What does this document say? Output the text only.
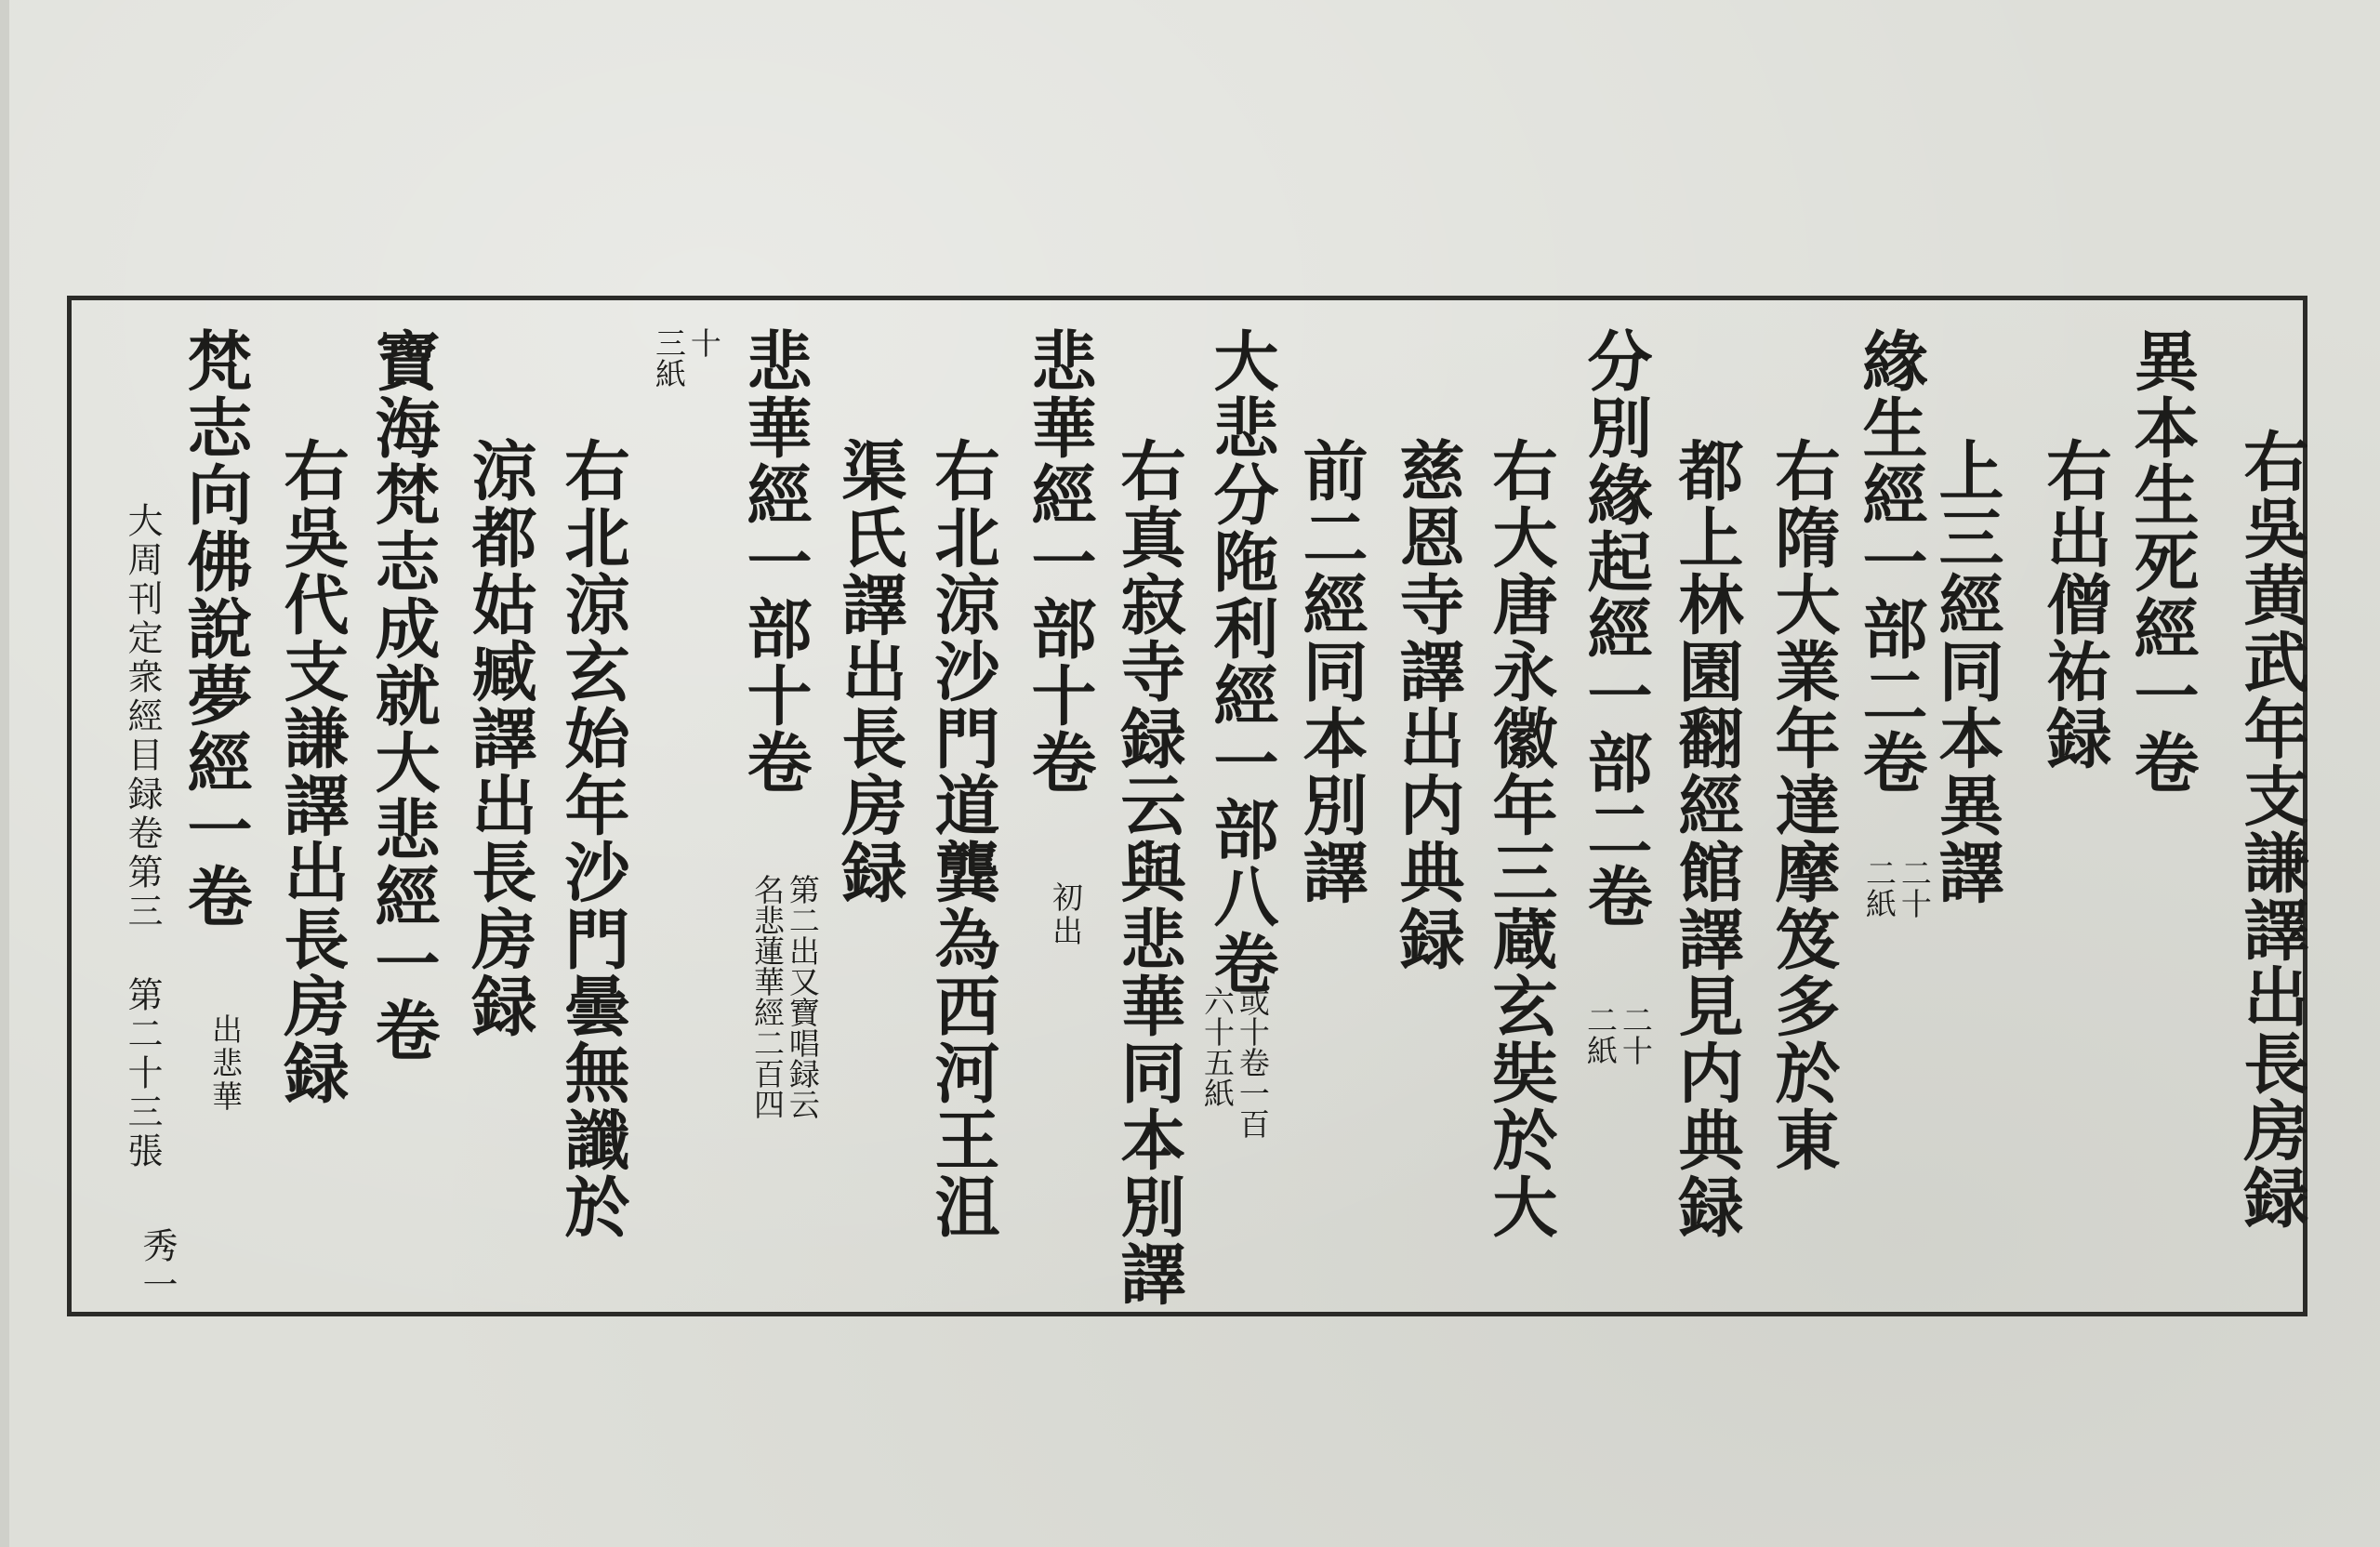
右吳黄武年支謙譯出長房録
異本生死經一卷
右出僧祐録
上三經同本異譯
緣生經一部二卷
右隋大業年達摩笈多於東
都上林園翻經館譯見内典録
分別緣起經一部二卷
右大唐永徽年三蔵玄奘於大
慈恩寺譯出内典録
前二經同本別譯
大悲分陁利經一部八卷
右真寂寺録云與悲華同本別譯
悲華經一部十卷
右北涼沙門道龔為西河王沮
渠氏譯出長房録
悲華經一部十卷
右北涼玄始年沙門曇無讖於
涼都姑臧譯出長房録
寶海梵志成就大悲經一卷
右吳代支謙譯出長房録
梵志向佛說夢經一卷	二十
二紙
二十
二紙
或十卷一百
六十五紙
初出
第二出又寶唱録云
名悲蓮華經二百四
十
三紙
出悲華
大周刊定衆經目録卷第三 第二十三張
秀一
